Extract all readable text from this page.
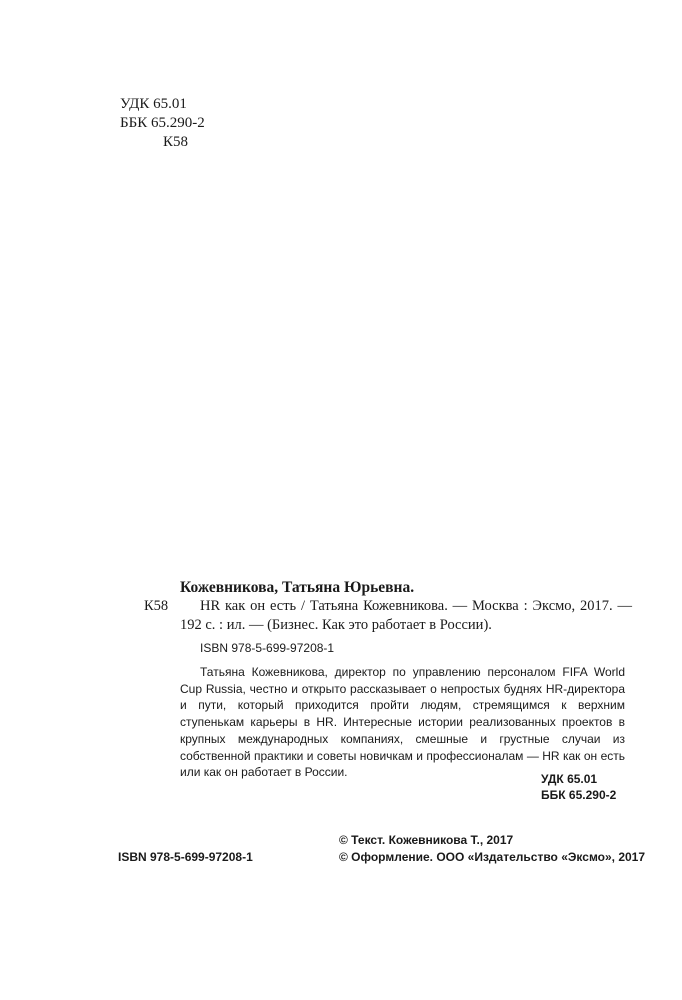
УДК 65.01
ББК 65.290-2
К58
Кожевникова, Татьяна Юрьевна.
К58	HR как он есть / Татьяна Кожевникова. — Москва : Эксмо, 2017. — 192 с. : ил. — (Бизнес. Как это работает в России).
ISBN 978-5-699-97208-1
Татьяна Кожевникова, директор по управлению персоналом FIFA World Cup Russia, честно и открыто рассказывает о непростых буднях HR-директора и пути, который приходится пройти людям, стремящимся к верхним ступенькам карьеры в HR. Интересные истории реализованных проектов в крупных международных компаниях, смешные и грустные случаи из собственной практики и советы новичкам и профессионалам — HR как он есть или как он работает в России.	УДК 65.01
ББК 65.290-2
ISBN 978-5-699-97208-1
© Текст. Кожевникова Т., 2017
© Оформление. ООО «Издательство «Эксмо», 2017
